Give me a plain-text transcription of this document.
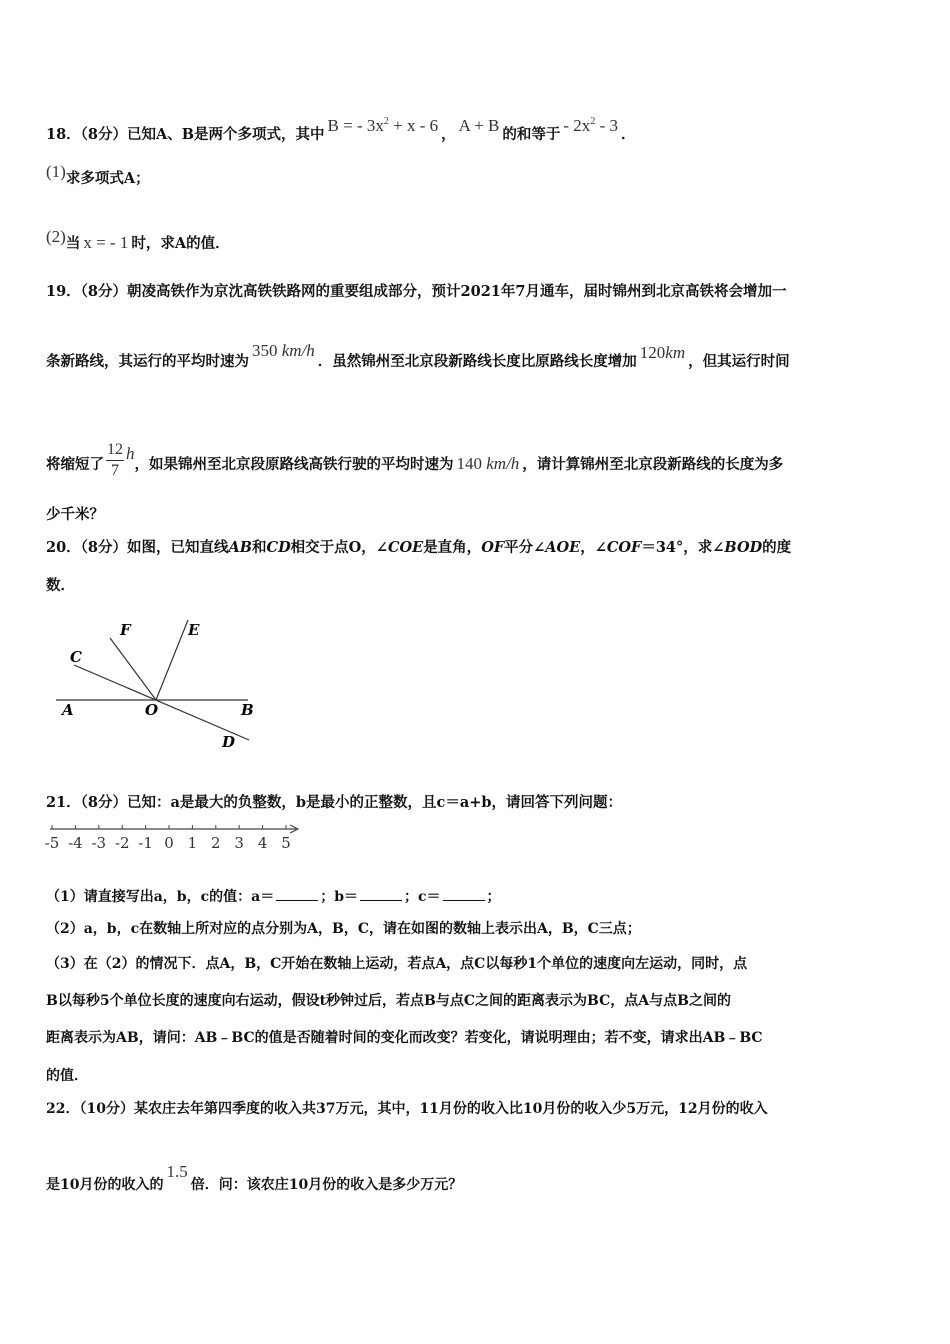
18．（8分）已知A、B是两个多项式，其中 B = - $3x^2 + x - 6$ ， A + B 的和等于 - $2x^2 - 3$ ．
(1)求多项式A；
(2)当 x = - 1 时，求A的值．
19．（8分）朝凌高铁作为京沈高铁铁路网的重要组成部分，预计2021年7月通车，届时锦州到北京高铁将会增加一
条新路线，其运行的平均时速为350 km/h．虽然锦州至北京段新路线长度比原路线长度增加 120km ，但其运行时间
将缩短了 $\frac{12}{7}$ h，如果锦州至北京段原路线高铁行驶的平均时速为 140 km/h ，请计算锦州至北京段新路线的长度为多
少千米？
20．（8分）如图，已知直线AB和CD相交于点O，∠COE是直角，OF平分∠AOE，∠COF＝34°，求∠BOD的度
数．
A	B
C
D
E
F
O
21．（8分）已知：a是最大的负整数，b是最小的正整数，且c＝a+b，请回答下列问题：
-5 -4 -3 -2 -1 0 1 2 3 4 5
（1）请直接写出a，b，c的值：a＝	；b＝	；c＝	；
（2）a，b，c在数轴上所对应的点分别为A，B，C，请在如图的数轴上表示出A，B，C三点；
（3）在（2）的情况下．点A，B，C开始在数轴上运动，若点A，点C以每秒1个单位的速度向左运动，同时，点
B以每秒5个单位长度的速度向右运动，假设t秒钟过后，若点B与点C之间的距离表示为BC，点A与点B之间的
距离表示为AB，请问：AB﹣BC的值是否随着时间的变化而改变？若变化，请说明理由；若不变，请求出AB﹣BC
的值．
22．（10分）某农庄去年第四季度的收入共37万元，其中，11月份的收入比10月份的收入少5万元，12月份的收入
是10月份的收入的1.5倍．问：该农庄10月份的收入是多少万元？
